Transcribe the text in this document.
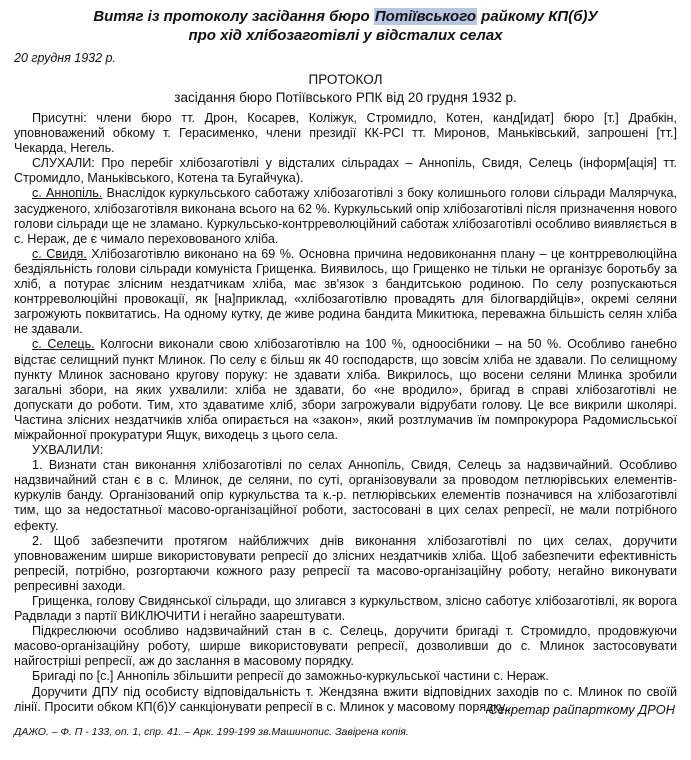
Витяг із протоколу засідання бюро Потіївського райкому КП(б)У
про хід хлібозаготівлі у відсталих селах
20 грудня 1932 р.
ПРОТОКОЛ
засідання бюро Потіївського РПК від 20 грудня 1932 р.

Присутні: члени бюро тт. Дрон, Косарев, Коліжук, Стромидло, Котен, канд[идат] бюро [т.] Драбкін, уповноважений обкому т. Герасименко, члени президії КК-РСІ тт. Миронов, Маньківський, запрошені [тт.] Чекарда, Негель.

СЛУХАЛИ: Про перебіг хлібозаготівлі у відсталих сільрадах – Аннопіль, Свидя, Селець (інформ[ація] тт. Стромидло, Маньківського, Котена та Бугайчука).

с. Аннопіль. Внаслідок куркульського саботажу хлібозаготівлі з боку колишнього голови сільради Малярчука, засудженого, хлібозаготівля виконана всього на 62 %. Куркульський опір хлібозаготівлі після призначення нового голови сільради ще не зламано. Куркульсько-контрреволюційний саботаж хлібозаготівлі особливо виявляється в с. Нераж, де є чимало переховованого хліба.

с. Свидя. Хлібозаготівлю виконано на 69 %. Основна причина недовиконання плану – це контрреволюційна бездіяльність голови сільради комуніста Грищенка. Виявилось, що Грищенко не тільки не організує боротьбу за хліб, а потурає злісним нездатчикам хліба, має зв'язок з бандитською родиною. По селу розпускаються контрреволюційні провокації, як [на]приклад, «хлібозаготівлю провадять для білогвардійців», окремі селяни загрожують поквитатись. На одному кутку, де живе родина бандита Микитюка, переважна більшість селян хліба не здавали.

с. Селець. Колгосни виконали свою хлібозаготівлю на 100 %, одноосібники – на 50 %. Особливо ганебно відстає селищний пункт Млинок. По селу є більш як 40 господарств, що зовсім хліба не здавали. По селищному пункту Млинок засновано кругову поруку: не здавати хліба. Викрилось, що восени селяни Млинка зробили загальні збори, на яких ухвалили: хліба не здавати, бо «не вродило», бригад в справі хлібозаготівлі не допускати до роботи. Тим, хто здаватиме хліб, збори загрожували відрубати голову. Це все викрили школярі. Частина злісних нездатчиків хліба опирається на «закон», який розтлумачив їм помпрокурора Радомисльської міжрайонної прокуратури Ящук, виходець з цього села.

УХВАЛИЛИ:

1. Визнати стан виконання хлібозаготівлі по селах Аннопіль, Свидя, Селець за надзвичайний. Особливо надзвичайний стан є в с. Млинок, де селяни, по суті, організовували за проводом петлюрівських елементів-куркулів банду. Організований опір куркульства та к.-р. петлюрівських елементів позначився на хлібозаготівлі тим, що за недостатньої масово-організаційної роботи, застосовані в цих селах репресії, не мали потрібного ефекту.

2. Щоб забезпечити протягом найближчих днів виконання хлібозаготівлі по цих селах, доручити уповноваженим ширше використовувати репресії до злісних нездатчиків хліба. Щоб забезпечити ефективність репресій, потрібно, розгортаючи кожного разу репресії та масово-організаційну роботу, негайно виконувати репресивні заходи.

Грищенка, голову Свидянської сільради, що злигався з куркульством, злісно саботує хлібозаготівлі, як ворога Радвлади з партії ВИКЛЮЧИТИ і негайно заарештувати.

Підкреслюючи особливо надзвичайний стан в с. Селець, доручити бригаді т. Стромидло, продовжуючи масово-організаційну роботу, ширше використовувати репресії, дозволивши до с. Млинок застосовувати найгостріші репресії, аж до заслання в масовому порядку.

Бригаді по [с.] Аннопіль збільшити репресії до заможньо-куркульської частини с. Нераж.

Доручити ДПУ під особисту відповідальність т. Жендзяна вжити відповідних заходів по с. Млинок по своїй лінії. Просити обком КП(б)У санкціонувати репресії в с. Млинок у масовому порядку...

Секретар райпарткому ДРОН
ДАЖО. – Ф. П - 133, оп. 1, спр. 41. – Арк. 199-199 зв.Машинопис. Завірена копія.
